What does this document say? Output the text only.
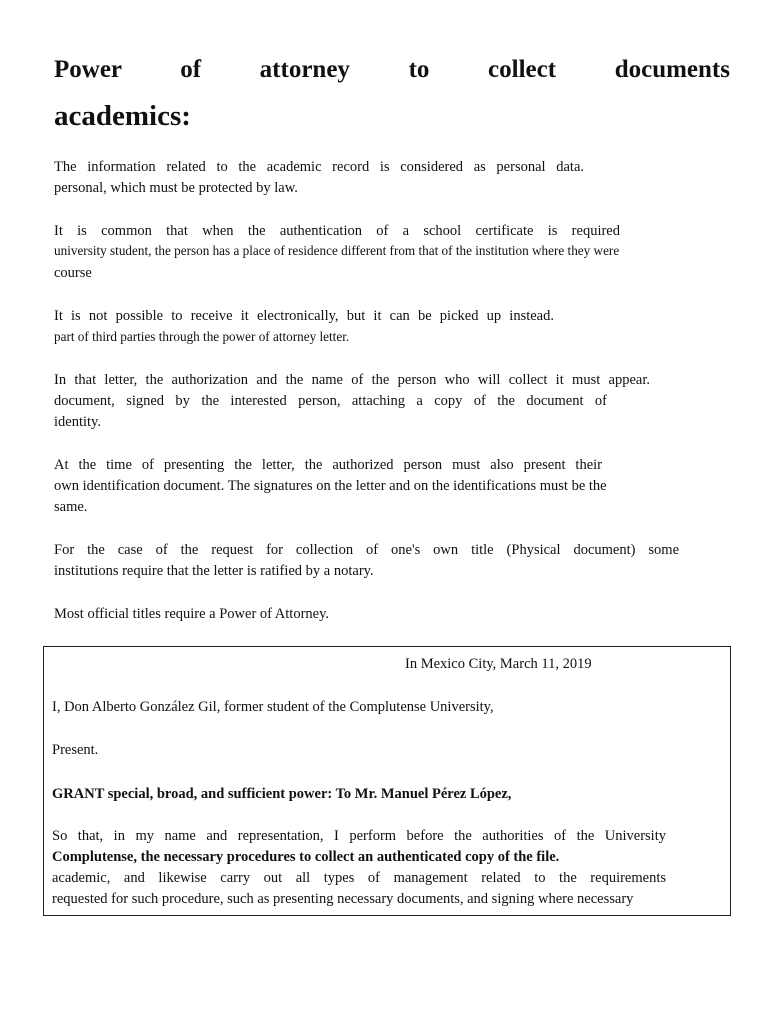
Power of attorney to collect documents
academics:

The information related to the academic record is considered as personal data.

personal, which must be protected by law.

It is common that when the authentication of a school certificate is required

university student, the person has a place of residence different from that of the institution where they were

course

It is not possible to receive it electronically, but it can be picked up instead.

part of third parties through the power of attorney letter.

In that letter, the authorization and the name of the person who will collect it must appear.

document, signed by the interested person, attaching a copy of the document of

identity.

At the time of presenting the letter, the authorized person must also present their

own identification document. The signatures on the letter and on the identifications must be the

same.

For the case of the request for collection of one's own title (Physical document) some

institutions require that the letter is ratified by a notary.

Most official titles require a Power of Attorney.

In Mexico City, March 11, 2019

I, Don Alberto González Gil, former student of the Complutense University,

Present.

GRANT special, broad, and sufficient power: To Mr. Manuel Pérez López,

So that, in my name and representation, I perform before the authorities of the University

Complutense, the necessary procedures to collect an authenticated copy of the file.

academic, and likewise carry out all types of management related to the requirements

requested for such procedure, such as presenting necessary documents, and signing where necessary
